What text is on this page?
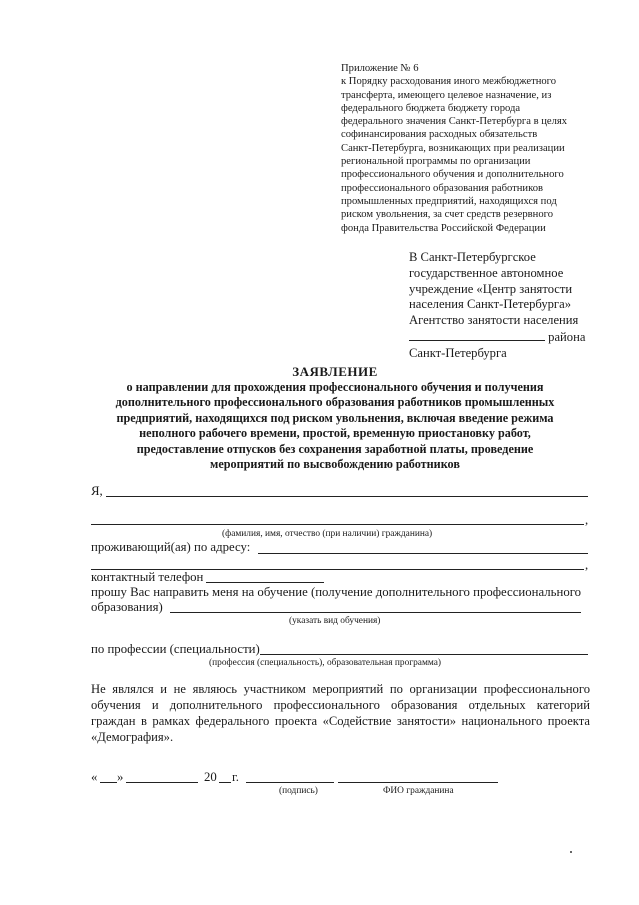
Приложение № 6
к Порядку расходования иного межбюджетного
трансферта, имеющего целевое назначение, из
федерального бюджета бюджету города
федерального значения Санкт-Петербурга в целях
софинансирования расходных обязательств
Санкт-Петербурга, возникающих при реализации
региональной программы по организации
профессионального обучения и дополнительного
профессионального образования работников
промышленных предприятий, находящихся под
риском увольнения, за счет средств резервного
фонда Правительства Российской Федерации
В Санкт-Петербургское
государственное автономное
учреждение «Центр занятости
населения Санкт-Петербурга»
Агентство занятости населения
района
Санкт-Петербурга
ЗАЯВЛЕНИЕ
о направлении для прохождения профессионального обучения и получения
дополнительного профессионального образования работников промышленных
предприятий, находящихся под риском увольнения, включая введение режима
неполного рабочего времени, простой, временную приостановку работ,
предоставление отпусков без сохранения заработной платы, проведение
мероприятий по высвобождению работников
Я,
,
(фамилия, имя, отчество (при наличии) гражданина)
проживающий(ая) по адресу:
,
контактный телефон
прошу Вас направить меня на обучение (получение дополнительного профессионального
образования)
(указать вид обучения)
по профессии (специальности)
(профессия (специальность), образовательная программа)
Не являлся и не являюсь участником мероприятий по организации профессионального
обучения и дополнительного профессионального образования отдельных категорий
граждан в рамках федерального проекта «Содействие занятости» национального проекта
«Демография».
« »	20 г.
(подпись)	ФИО гражданина
